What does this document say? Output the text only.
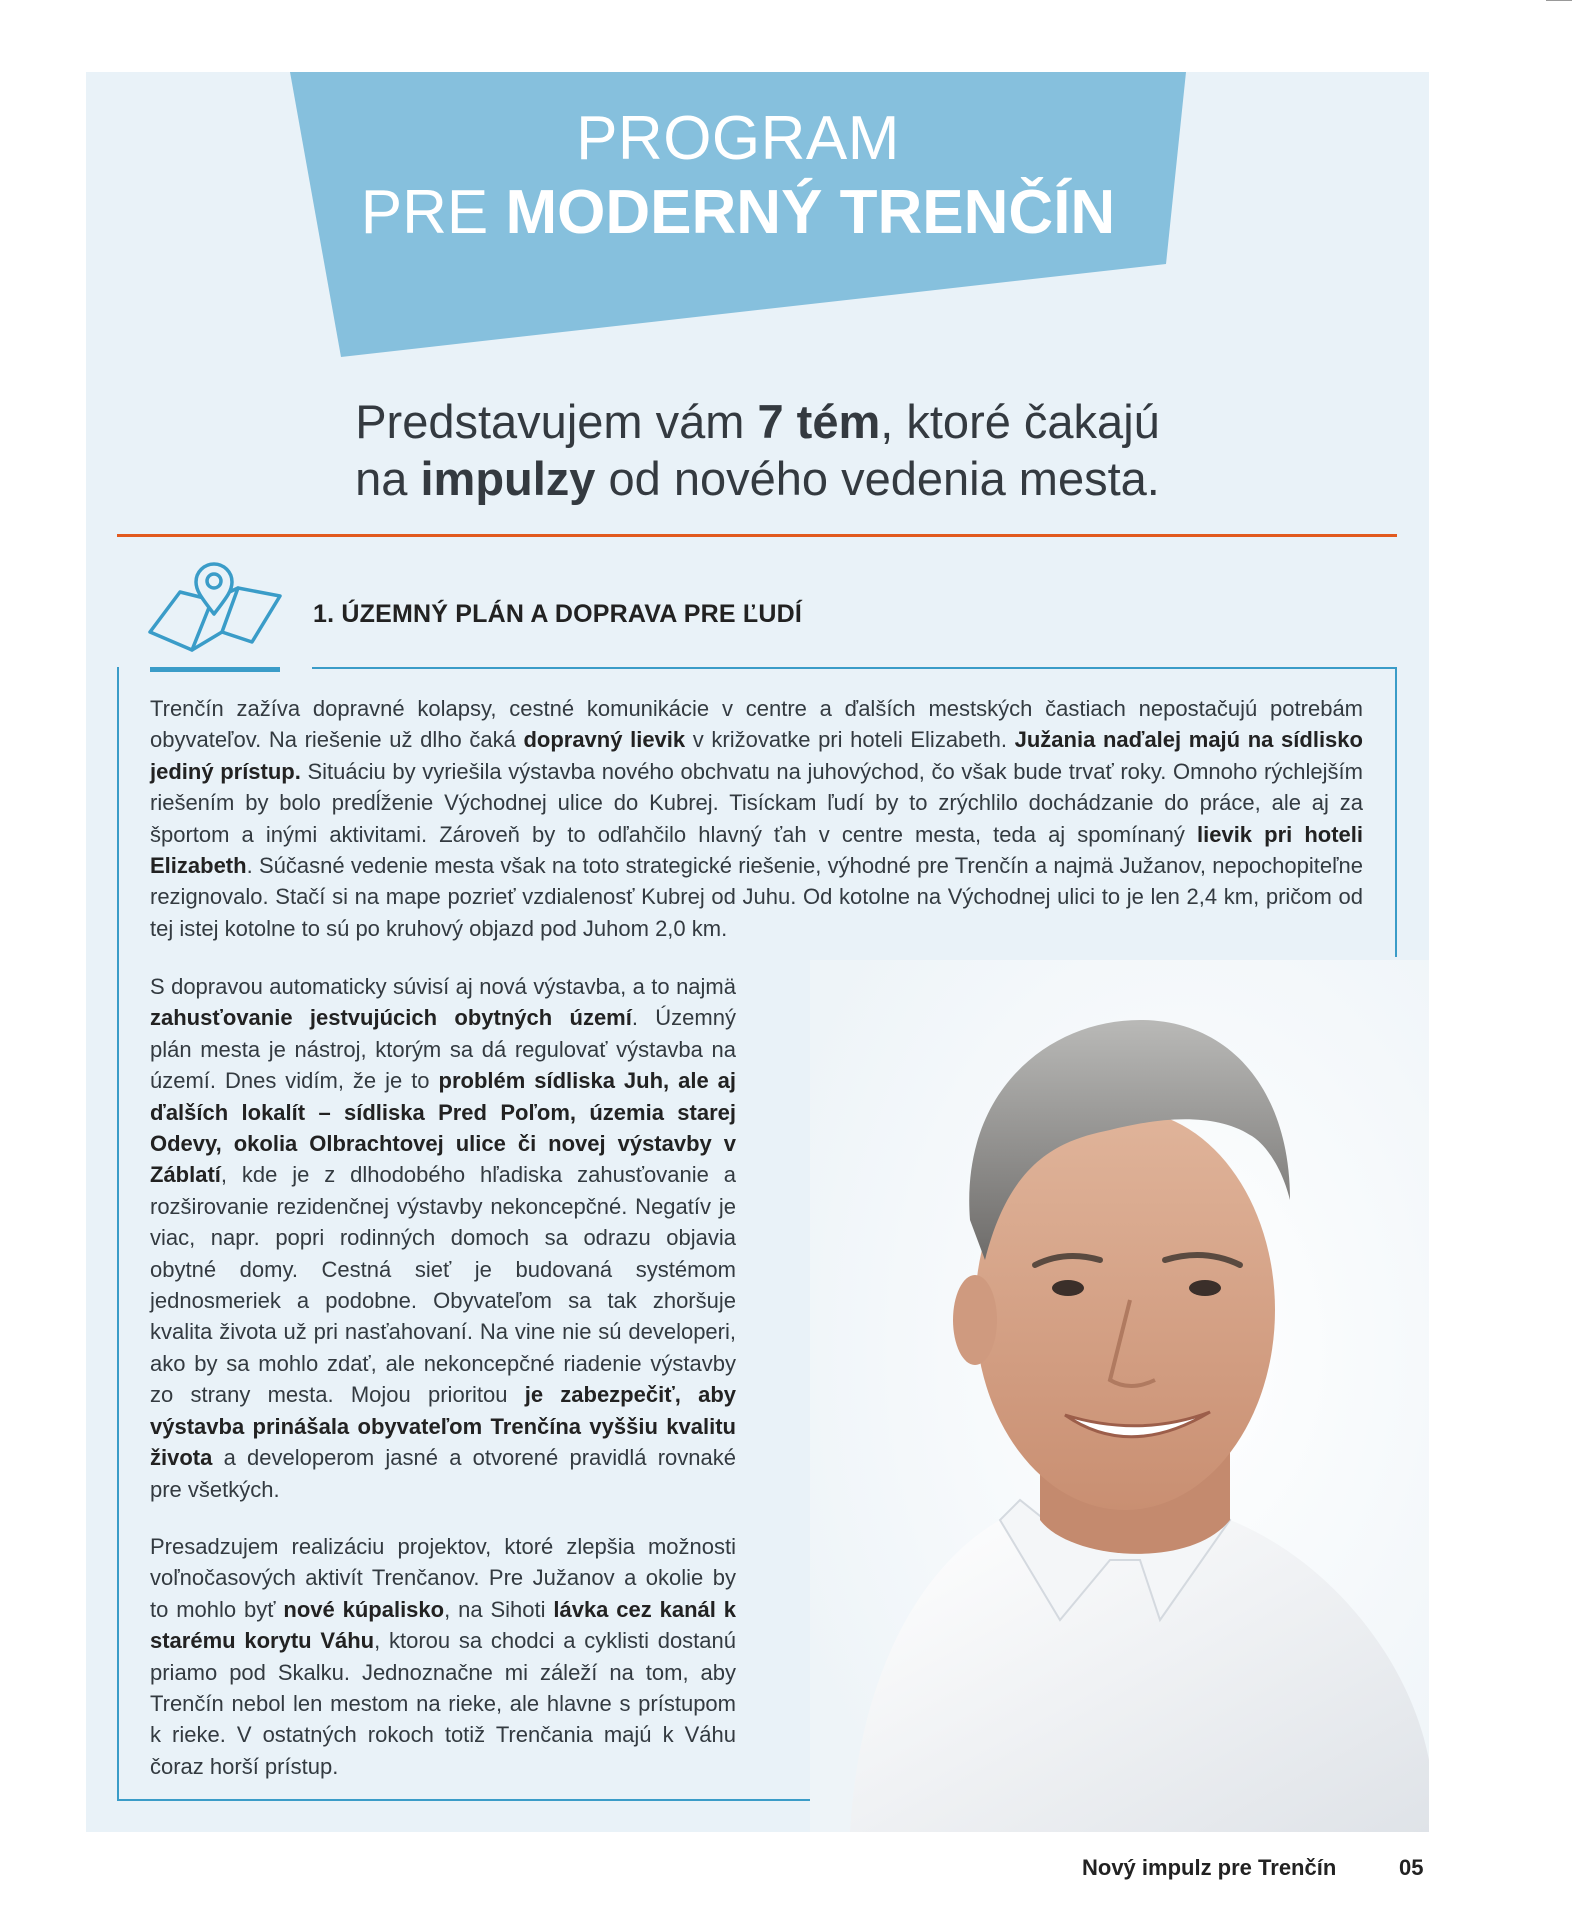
PROGRAM
PRE MODERNÝ TRENČÍN
Predstavujem vám 7 tém, ktoré čakajú
na impulzy od nového vedenia mesta.
1. ÚZEMNÝ PLÁN A DOPRAVA PRE ĽUDÍ

Trenčín zažíva dopravné kolapsy, cestné komunikácie v centre a ďalších mestských častiach nepostačujú potrebám obyvateľov. Na riešenie už dlho čaká dopravný lievik v križovatke pri hoteli Elizabeth. Južania naďalej majú na sídlisko jediný prístup. Situáciu by vyriešila výstavba nového obchvatu na juhovýchod, čo však bude trvať roky. Omnoho rýchlejším riešením by bolo predĺženie Východnej ulice do Kubrej. Tisíckam ľudí by to zrýchlilo dochádzanie do práce, ale aj za športom a inými aktivitami. Zároveň by to odľahčilo hlavný ťah v centre mesta, teda aj spomínaný lievik pri hoteli Elizabeth. Súčasné vedenie mesta však na toto strategické riešenie, výhodné pre Trenčín a najmä Južanov, nepochopiteľne rezignovalo. Stačí si na mape pozrieť vzdialenosť Kubrej od Juhu. Od kotolne na Východnej ulici to je len 2,4 km, pričom od tej istej kotolne to sú po kruhový objazd pod Juhom 2,0 km.

S dopravou automaticky súvisí aj nová výstavba, a to najmä zahusťovanie jestvujúcich obytných území. Územný plán mesta je nástroj, ktorým sa dá regulovať výstavba na území. Dnes vidím, že je to problém sídliska Juh, ale aj ďalších lokalít – sídliska Pred Poľom, územia starej Odevy, okolia Olbrachtovej ulice či novej výstavby v Záblatí, kde je z dlhodobého hľadiska zahusťovanie a rozširovanie rezidenčnej výstavby nekoncepčné. Negatív je viac, napr. popri rodinných domoch sa odrazu objavia obytné domy. Cestná sieť je budovaná systémom jednosmeriek a podobne. Obyvateľom sa tak zhoršuje kvalita života už pri nasťahovaní. Na vine nie sú developeri, ako by sa mohlo zdať, ale nekoncepčné riadenie výstavby zo strany mesta. Mojou prioritou je zabezpečiť, aby výstavba prinášala obyvateľom Trenčína vyššiu kvalitu života a developerom jasné a otvorené pravidlá rovnaké pre všetkých.

Presadzujem realizáciu projektov, ktoré zlepšia možnosti voľnočasových aktivít Trenčanov. Pre Južanov a okolie by to mohlo byť nové kúpalisko, na Sihoti lávka cez kanál k starému korytu Váhu, ktorou sa chodci a cyklisti dostanú priamo pod Skalku. Jednoznačne mi záleží na tom, aby Trenčín nebol len mestom na rieke, ale hlavne s prístupom k rieke. V ostatných rokoch totiž Trenčania majú k Váhu čoraz horší prístup.

Nový impulz pre Trenčín	05
